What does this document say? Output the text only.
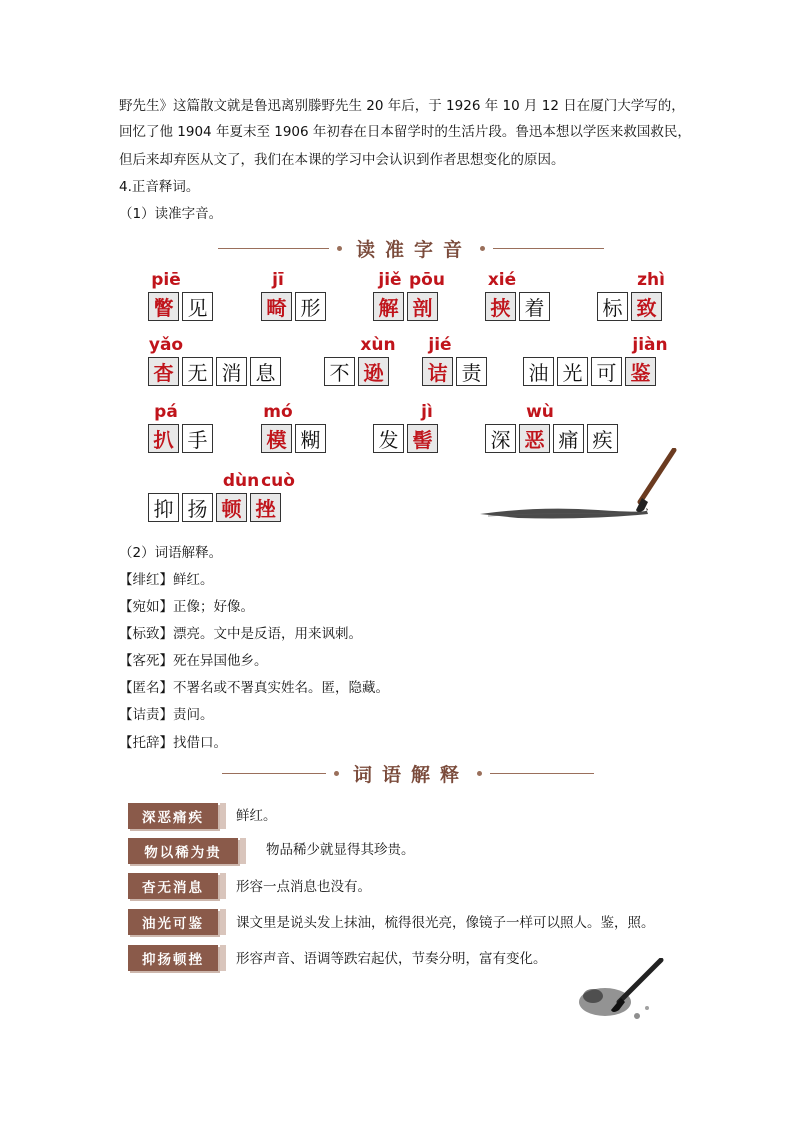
野先生》这篇散文就是鲁迅离别滕野先生 20 年后，于 1926 年 10 月 12 日在厦门大学写的，
回忆了他 1904 年夏末至 1906 年初春在日本留学时的生活片段。鲁迅本想以学医来救国救民，
但后来却弃医从文了，我们在本课的学习中会认识到作者思想变化的原因。
4.正音释词。
（1）读准字音。
读准字音
piē
瞥 见
jī
畸 形
jiě pōu
解 剖
xié
挟 着
zhì
标 致
yǎo
杳 无 消 息
xùn
不 逊
jié
诘 责
jiàn
油 光 可 鉴
pá
扒 手
mó
模 糊
jì
发 髻
wù
深 恶 痛 疾
dùn cuò
抑 扬 顿 挫
（2）词语解释。
【绯红】鲜红。
【宛如】正像；好像。
【标致】漂亮。文中是反语，用来讽刺。
【客死】死在异国他乡。
【匿名】不署名或不署真实姓名。匿，隐藏。
【诘责】责问。
【托辞】找借口。
词语解释
深恶痛疾	鲜红。
物以稀为贵	物品稀少就显得其珍贵。
杳无消息	形容一点消息也没有。
油光可鉴	课文里是说头发上抹油，梳得很光亮，像镜子一样可以照人。鉴，照。
抑扬顿挫	形容声音、语调等跌宕起伏，节奏分明，富有变化。
